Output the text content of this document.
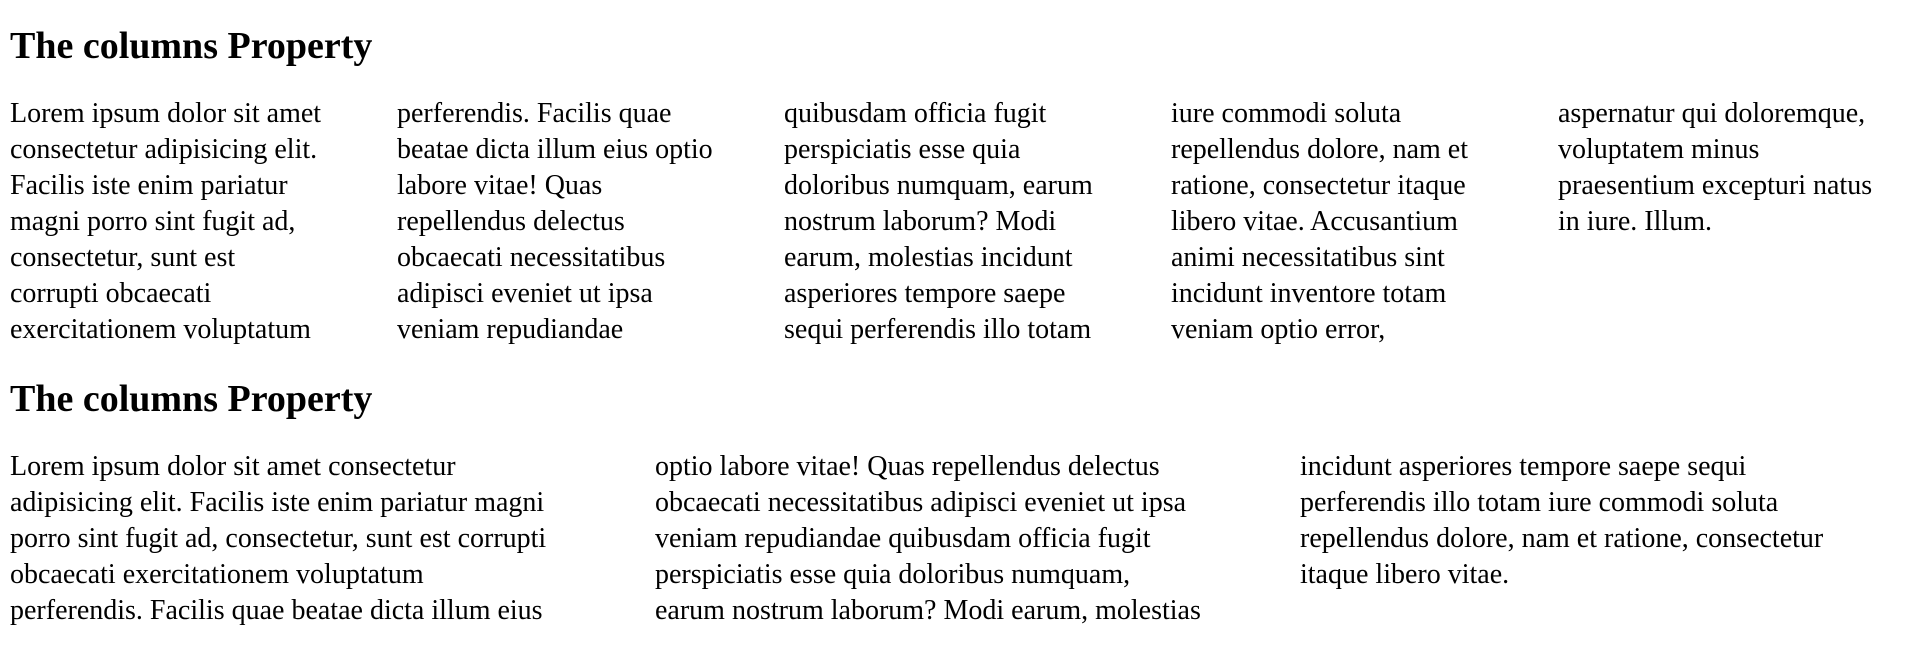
The columns Property
Lorem ipsum dolor sit amet
consectetur adipisicing elit.
Facilis iste enim pariatur
magni porro sint fugit ad,
consectetur, sunt est
corrupti obcaecati
exercitationem voluptatum
perferendis. Facilis quae
beatae dicta illum eius optio
labore vitae! Quas
repellendus delectus
obcaecati necessitatibus
adipisci eveniet ut ipsa
veniam repudiandae
quibusdam officia fugit
perspiciatis esse quia
doloribus numquam, earum
nostrum laborum? Modi
earum, molestias incidunt
asperiores tempore saepe
sequi perferendis illo totam
iure commodi soluta
repellendus dolore, nam et
ratione, consectetur itaque
libero vitae. Accusantium
animi necessitatibus sint
incidunt inventore totam
veniam optio error,
aspernatur qui doloremque,
voluptatem minus
praesentium excepturi natus
in iure. Illum.
The columns Property
Lorem ipsum dolor sit amet consectetur
adipisicing elit. Facilis iste enim pariatur magni
porro sint fugit ad, consectetur, sunt est corrupti
obcaecati exercitationem voluptatum
perferendis. Facilis quae beatae dicta illum eius
optio labore vitae! Quas repellendus delectus
obcaecati necessitatibus adipisci eveniet ut ipsa
veniam repudiandae quibusdam officia fugit
perspiciatis esse quia doloribus numquam,
earum nostrum laborum? Modi earum, molestias
incidunt asperiores tempore saepe sequi
perferendis illo totam iure commodi soluta
repellendus dolore, nam et ratione, consectetur
itaque libero vitae.
